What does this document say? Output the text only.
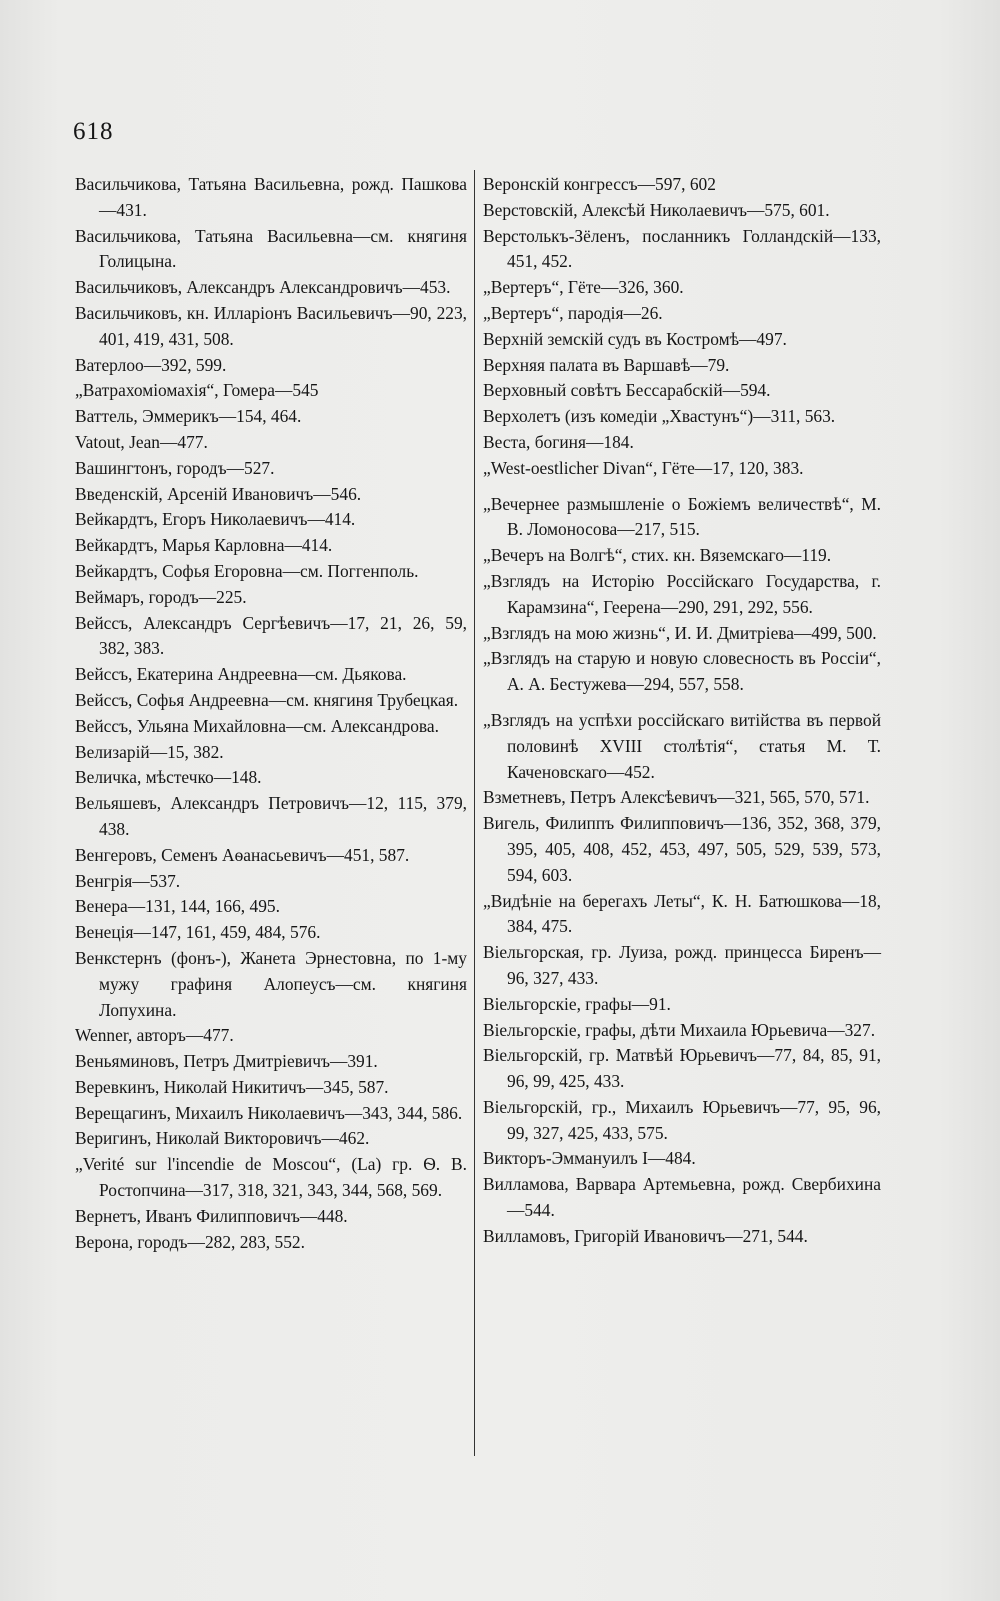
618

Васильчикова, Татьяна Васильевна, рожд. Пашкова—431.

Васильчикова, Татьяна Васильевна—см. княгиня Голицына.

Васильчиковъ, Александръ Александровичъ—453.

Васильчиковъ, кн. Илларіонъ Васильевичъ—90, 223, 401, 419, 431, 508.

Ватерлоо—392, 599.

„Ватрахоміомахія“, Гомера—545

Ваттель, Эммерикъ—154, 464.

Vatout, Jean—477.

Вашингтонъ, городъ—527.

Введенскій, Арсеній Ивановичъ—546.

Вейкардтъ, Егоръ Николаевичъ—414.

Вейкардтъ, Марья Карловна—414.

Вейкардтъ, Софья Егоровна—см. Поггенполь.

Веймаръ, городъ—225.

Вейссъ, Александръ Сергѣевичъ—17, 21, 26, 59, 382, 383.

Вейссъ, Екатерина Андреевна—см. Дьякова.

Вейссъ, Софья Андреевна—см. княгиня Трубецкая.

Вейссъ, Ульяна Михайловна—см. Александрова.

Велизарій—15, 382.

Величка, мѣстечко—148.

Вельяшевъ, Александръ Петровичъ—12, 115, 379, 438.

Венгеровъ, Семенъ Аѳанасьевичъ—451, 587.

Венгрія—537.

Венера—131, 144, 166, 495.

Венеція—147, 161, 459, 484, 576.

Венкстернъ (фонъ-), Жанета Эрнестовна, по 1-му мужу графиня Алопеусъ—см. княгиня Лопухина.

Wenner, авторъ—477.

Веньяминовъ, Петръ Дмитріевичъ—391.

Веревкинъ, Николай Никитичъ—345, 587.

Верещагинъ, Михаилъ Николаевичъ—343, 344, 586.

Веригинъ, Николай Викторовичъ—462.

„Verité sur l'incendie de Moscou“, (La) гр. Ѳ. В. Ростопчина—317, 318, 321, 343, 344, 568, 569.

Вернетъ, Иванъ Филипповичъ—448.

Верона, городъ—282, 283, 552.

Веронскій конгрессъ—597, 602

Верстовскій, Алексѣй Николаевичъ—575, 601.

Верстолькъ-Зёленъ, посланникъ Голландскій—133, 451, 452.

„Вертеръ“, Гёте—326, 360.

„Вертеръ“, пародія—26.

Верхній земскій судъ въ Костромѣ—497.

Верхняя палата въ Варшавѣ—79.

Верховный совѣтъ Бессарабскій—594.

Верхолетъ (изъ комедіи „Хвастунъ“)—311, 563.

Веста, богиня—184.

„West-oestlicher Divan“, Гёте—17, 120, 383.

„Вечернее размышленіе о Божіемъ величествѣ“, М. В. Ломоносова—217, 515.

„Вечеръ на Волгѣ“, стих. кн. Вяземскаго—119.

„Взглядъ на Исторію Россійскаго Государства, г. Карамзина“, Геерена—290, 291, 292, 556.

„Взглядъ на мою жизнь“, И. И. Дмитріева—499, 500.

„Взглядъ на старую и новую словесность въ Россіи“, А. А. Бестужева—294, 557, 558.

„Взглядъ на успѣхи россійскаго витійства въ первой половинѣ XVIII столѣтія“, статья М. Т. Каченовскаго—452.

Взметневъ, Петръ Алексѣевичъ—321, 565, 570, 571.

Вигель, Филиппъ Филипповичъ—136, 352, 368, 379, 395, 405, 408, 452, 453, 497, 505, 529, 539, 573, 594, 603.

„Видѣніе на берегахъ Леты“, К. Н. Батюшкова—18, 384, 475.

Віельгорская, гр. Луиза, рожд. принцесса Биренъ—96, 327, 433.

Віельгорскіе, графы—91.

Віельгорскіе, графы, дѣти Михаила Юрьевича—327.

Віельгорскій, гр. Матвѣй Юрьевичъ—77, 84, 85, 91, 96, 99, 425, 433.

Віельгорскій, гр., Михаилъ Юрьевичъ—77, 95, 96, 99, 327, 425, 433, 575.

Викторъ-Эммануилъ I—484.

Вилламова, Варвара Артемьевна, рожд. Свербихина—544.

Вилламовъ, Григорій Ивановичъ—271, 544.
